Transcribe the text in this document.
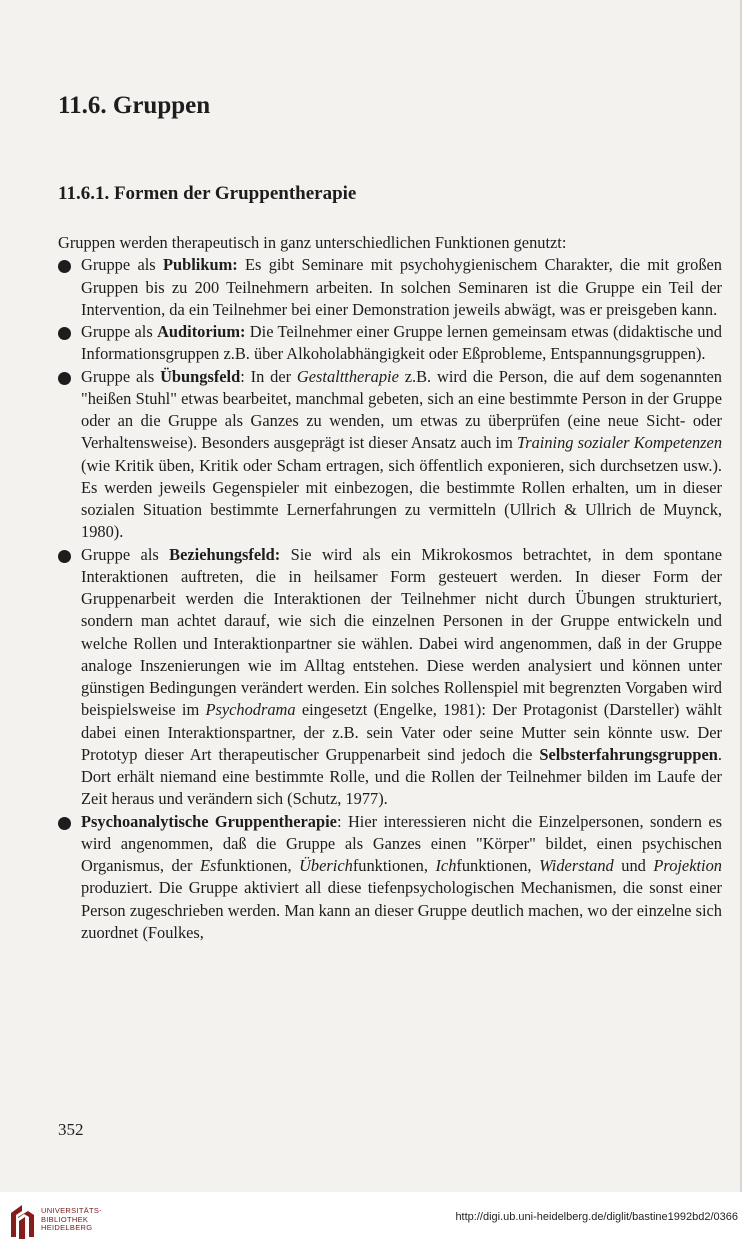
11.6. Gruppen
11.6.1. Formen der Gruppentherapie

Gruppen werden therapeutisch in ganz unterschiedlichen Funktionen genutzt:

Gruppe als Publikum: Es gibt Seminare mit psychohygienischem Charakter, die mit großen Gruppen bis zu 200 Teilnehmern arbeiten. In solchen Seminaren ist die Gruppe ein Teil der Intervention, da ein Teilnehmer bei einer Demonstration jeweils abwägt, was er preisgeben kann.
Gruppe als Auditorium: Die Teilnehmer einer Gruppe lernen gemeinsam etwas (didaktische und Informationsgruppen z.B. über Alkoholabhängigkeit oder Eßprobleme, Entspannungsgruppen).
Gruppe als Übungsfeld: In der Gestalttherapie z.B. wird die Person, die auf dem sogenannten "heißen Stuhl" etwas bearbeitet, manchmal gebeten, sich an eine bestimmte Person in der Gruppe oder an die Gruppe als Ganzes zu wenden, um etwas zu überprüfen (eine neue Sicht- oder Verhaltensweise). Besonders ausgeprägt ist dieser Ansatz auch im Training sozialer Kompetenzen (wie Kritik üben, Kritik oder Scham ertragen, sich öffentlich exponieren, sich durchsetzen usw.). Es werden jeweils Gegenspieler mit einbezogen, die bestimmte Rollen erhalten, um in dieser sozialen Situation bestimmte Lernerfahrungen zu vermitteln (Ullrich & Ullrich de Muynck, 1980).
Gruppe als Beziehungsfeld: Sie wird als ein Mikrokosmos betrachtet, in dem spontane Interaktionen auftreten, die in heilsamer Form gesteuert werden. In dieser Form der Gruppenarbeit werden die Interaktionen der Teilnehmer nicht durch Übungen strukturiert, sondern man achtet darauf, wie sich die einzelnen Personen in der Gruppe entwickeln und welche Rollen und Interaktionpartner sie wählen. Dabei wird angenommen, daß in der Gruppe analoge Inszenierungen wie im Alltag entstehen. Diese werden analysiert und können unter günstigen Bedingungen verändert werden. Ein solches Rollenspiel mit begrenzten Vorgaben wird beispielsweise im Psychodrama eingesetzt (Engelke, 1981): Der Protagonist (Darsteller) wählt dabei einen Interaktionspartner, der z.B. sein Vater oder seine Mutter sein könnte usw. Der Prototyp dieser Art therapeutischer Gruppenarbeit sind jedoch die Selbsterfahrungsgruppen. Dort erhält niemand eine bestimmte Rolle, und die Rollen der Teilnehmer bilden im Laufe der Zeit heraus und verändern sich (Schutz, 1977).
Psychoanalytische Gruppentherapie: Hier interessieren nicht die Einzelpersonen, sondern es wird angenommen, daß die Gruppe als Ganzes einen "Körper" bildet, einen psychischen Organismus, der Esfunktionen, Überichfunktionen, Ichfunktionen, Widerstand und Projektion produziert. Die Gruppe aktiviert all diese tiefenpsychologischen Mechanismen, die sonst einer Person zugeschrieben werden. Man kann an dieser Gruppe deutlich machen, wo der einzelne sich zuordnet (Foulkes,
352
UNIVERSITÄTS-
BIBLIOTHEK
HEIDELBERG
http://digi.ub.uni-heidelberg.de/diglit/bastine1992bd2/0366
